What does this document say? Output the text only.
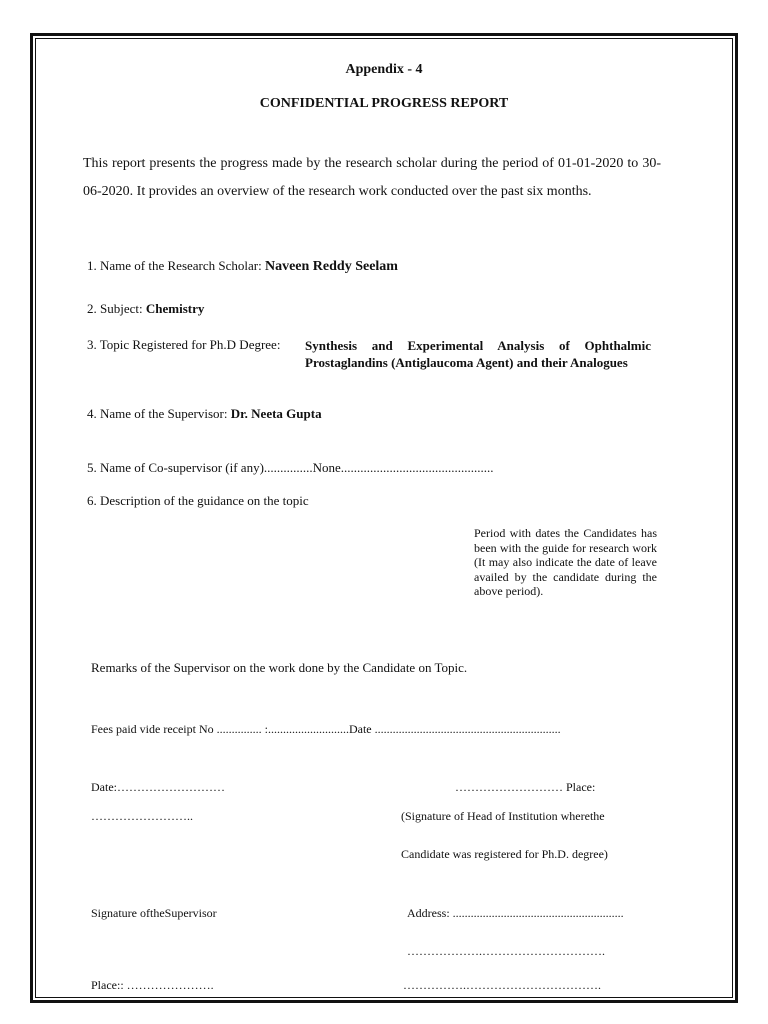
Appendix - 4
CONFIDENTIAL PROGRESS REPORT
This report presents the progress made by the research scholar during the period of 01-01-2020 to 30-06-2020. It provides an overview of the research work conducted over the past six months.
1. Name of the Research Scholar: Naveen Reddy Seelam
2. Subject: Chemistry
3. Topic Registered for Ph.D Degree: Synthesis and Experimental Analysis of Ophthalmic Prostaglandins (Antiglaucoma Agent) and their Analogues
4. Name of the Supervisor: Dr. Neeta Gupta
5. Name of Co-supervisor (if any)...............None...............................................
6. Description of the guidance on the topic
Period with dates the Candidates has been with the guide for research work (It may also indicate the date of leave availed by the candidate during the above period).
Remarks of the Supervisor on the work done by the Candidate on Topic.
Fees paid vide receipt No ............... :...........................Date ..............................................................
Date:………………………	……………………… Place:
……………………..	(Signature of Head of Institution wherethe
Candidate was registered for Ph.D. degree)
Signature oftheSupervisor	Address: .........................................................
……………….………………………….
Place:: ………………….	…………….…………………………….
